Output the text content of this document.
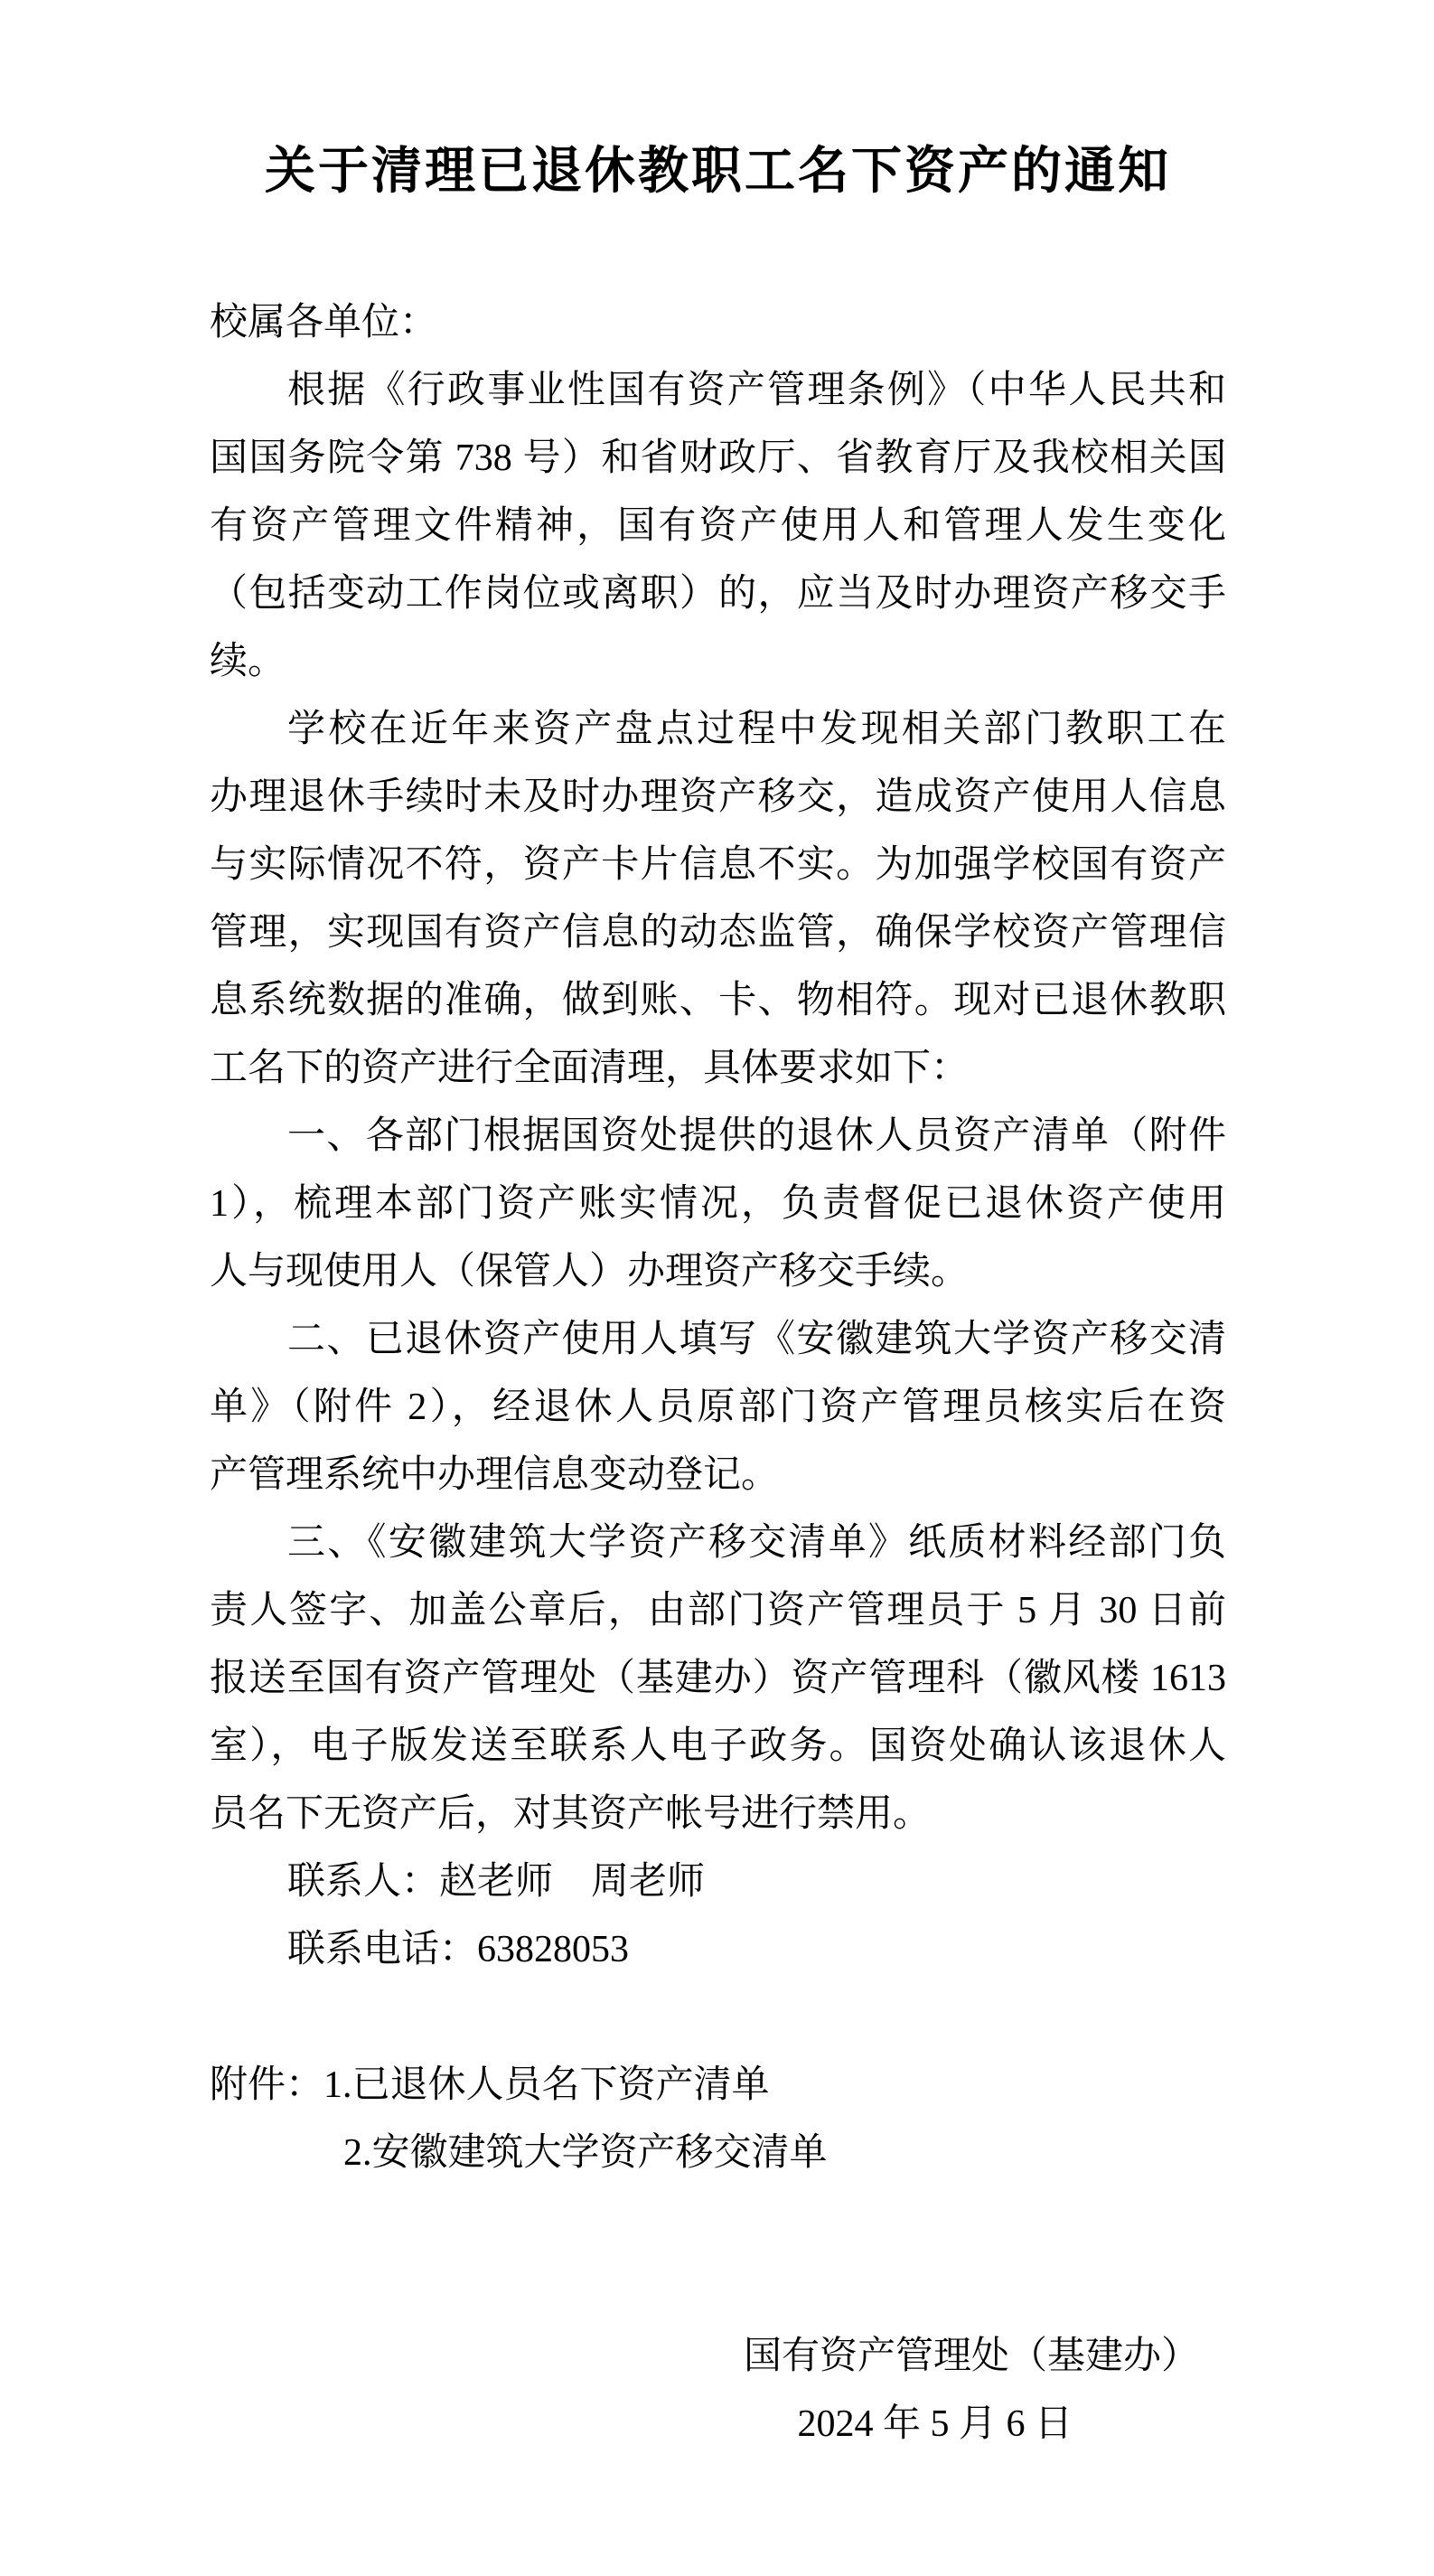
关于清理已退休教职工名下资产的通知
校属各单位：
根据《行政事业性国有资产管理条例》（中华人民共和
国国务院令第 738 号）和省财政厅、省教育厅及我校相关国
有资产管理文件精神，国有资产使用人和管理人发生变化
（包括变动工作岗位或离职）的，应当及时办理资产移交手
续。
学校在近年来资产盘点过程中发现相关部门教职工在
办理退休手续时未及时办理资产移交，造成资产使用人信息
与实际情况不符，资产卡片信息不实。为加强学校国有资产
管理，实现国有资产信息的动态监管，确保学校资产管理信
息系统数据的准确，做到账、卡、物相符。现对已退休教职
工名下的资产进行全面清理，具体要求如下：
一、各部门根据国资处提供的退休人员资产清单（附件
1），梳理本部门资产账实情况，负责督促已退休资产使用
人与现使用人（保管人）办理资产移交手续。
二、已退休资产使用人填写《安徽建筑大学资产移交清
单》（附件 2），经退休人员原部门资产管理员核实后在资
产管理系统中办理信息变动登记。
三、《安徽建筑大学资产移交清单》纸质材料经部门负
责人签字、加盖公章后，由部门资产管理员于 5 月 30 日前
报送至国有资产管理处（基建办）资产管理科（徽风楼 1613
室），电子版发送至联系人电子政务。国资处确认该退休人
员名下无资产后，对其资产帐号进行禁用。
联系人：赵老师　周老师
联系电话：63828053
附件：1.已退休人员名下资产清单
2.安徽建筑大学资产移交清单
国有资产管理处（基建办）
2024 年 5 月 6 日
